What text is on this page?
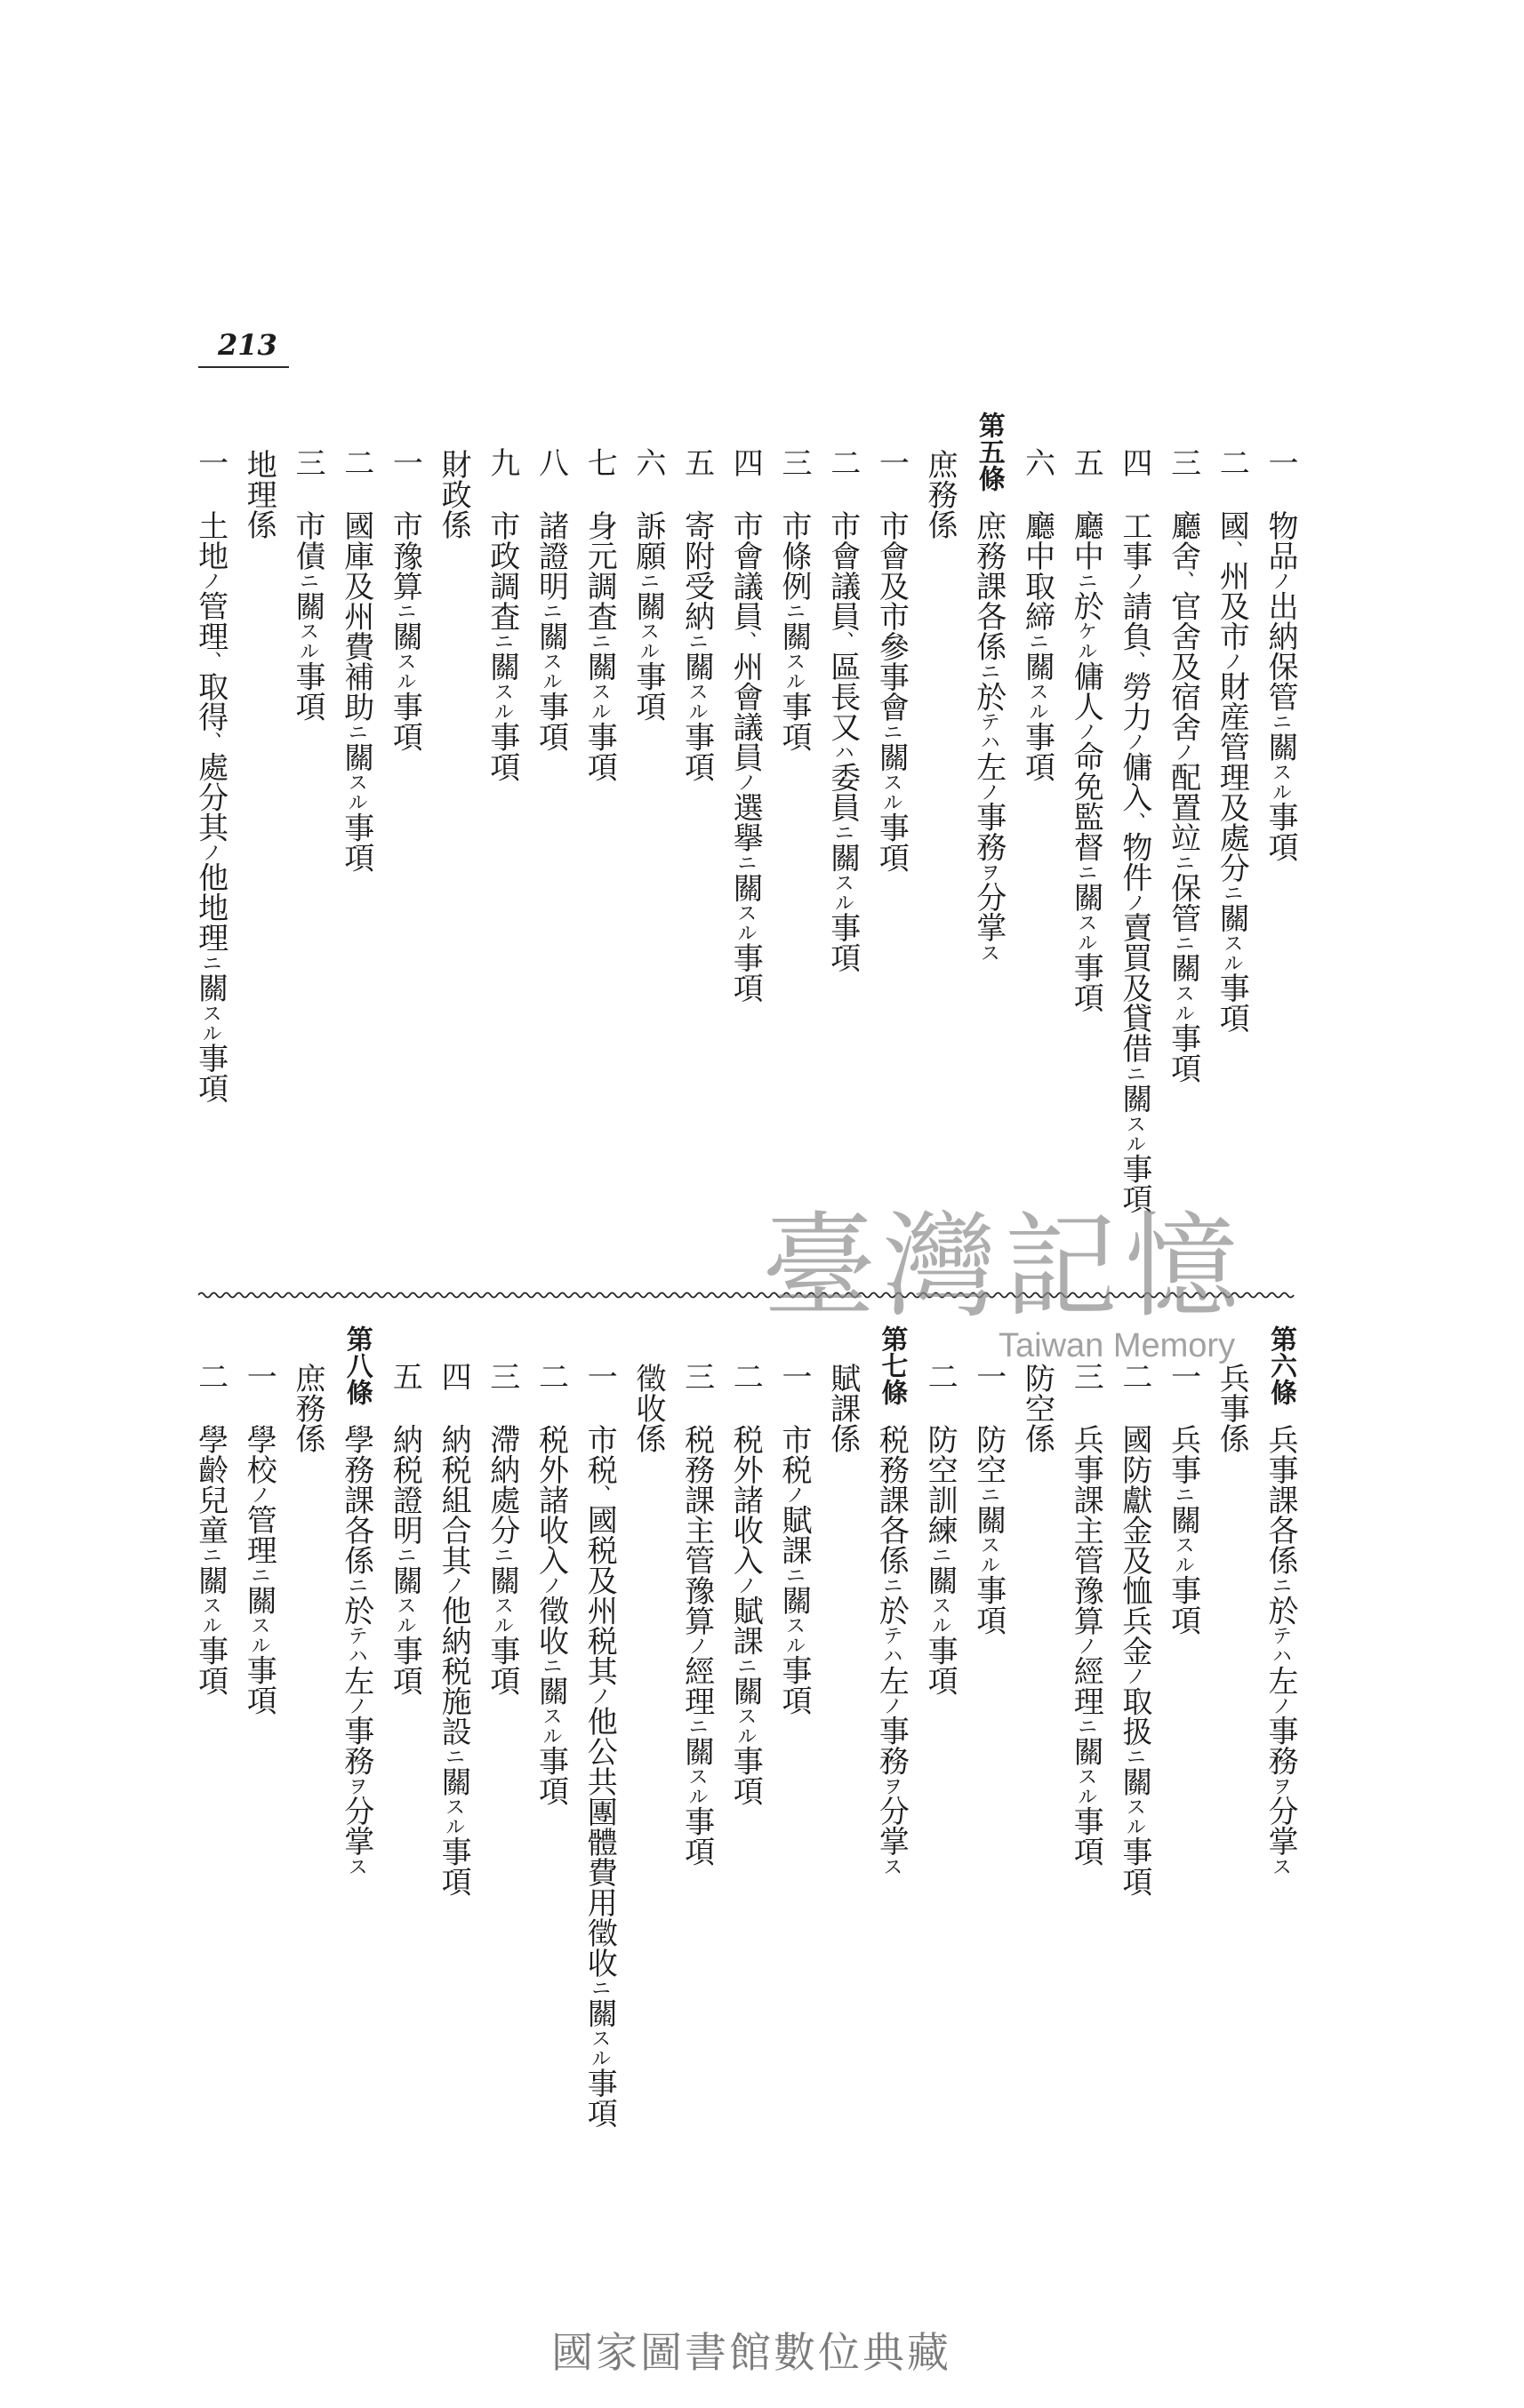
213
一
物品ノ出納保管ニ關スル事項
二
國、州及市ノ財産管理及處分ニ關スル事項
三
廳舍、官舍及宿舍ノ配置竝ニ保管ニ關スル事項
四
工事ノ請負、勞力ノ傭入、物件ノ賣買及貸借ニ關スル事項
五
廳中ニ於ケル傭人ノ命免監督ニ關スル事項
六
廳中取締ニ關スル事項
第五條
庶務課各係ニ於テハ左ノ事務ヲ分掌ス
庶務係
一
市會及市參事會ニ關スル事項
二
市會議員、區長又ハ委員ニ關スル事項
三
市條例ニ關スル事項
四
市會議員、州會議員ノ選擧ニ關スル事項
五
寄附受納ニ關スル事項
六
訴願ニ關スル事項
七
身元調査ニ關スル事項
八
諸證明ニ關スル事項
九
市政調査ニ關スル事項
財政係
一
市豫算ニ關スル事項
二
國庫及州費補助ニ關スル事項
三
市債ニ關スル事項
地理係
一
土地ノ管理、取得、處分其ノ他地理ニ關スル事項
臺灣記憶
Taiwan Memory 第六條
兵事課各係ニ於テハ左ノ事務ヲ分掌ス
兵事係
一
兵事ニ關スル事項
二
國防獻金及恤兵金ノ取扱ニ關スル事項
三
兵事課主管豫算ノ經理ニ關スル事項
防空係
一
防空ニ關スル事項
二
防空訓練ニ關スル事項
第七條
税務課各係ニ於テハ左ノ事務ヲ分掌ス
賦課係
一
市税ノ賦課ニ關スル事項
二
税外諸收入ノ賦課ニ關スル事項
三
税務課主管豫算ノ經理ニ關スル事項
徵收係
一
市税、國税及州税其ノ他公共團體費用徵收ニ關スル事項
二
税外諸收入ノ徵收ニ關スル事項
三
滯納處分ニ關スル事項
四
納税組合其ノ他納税施設ニ關スル事項
五
納税證明ニ關スル事項
第八條
學務課各係ニ於テハ左ノ事務ヲ分掌ス
庶務係
一
學校ノ管理ニ關スル事項
二
學齡兒童ニ關スル事項
國家圖書館數位典藏
